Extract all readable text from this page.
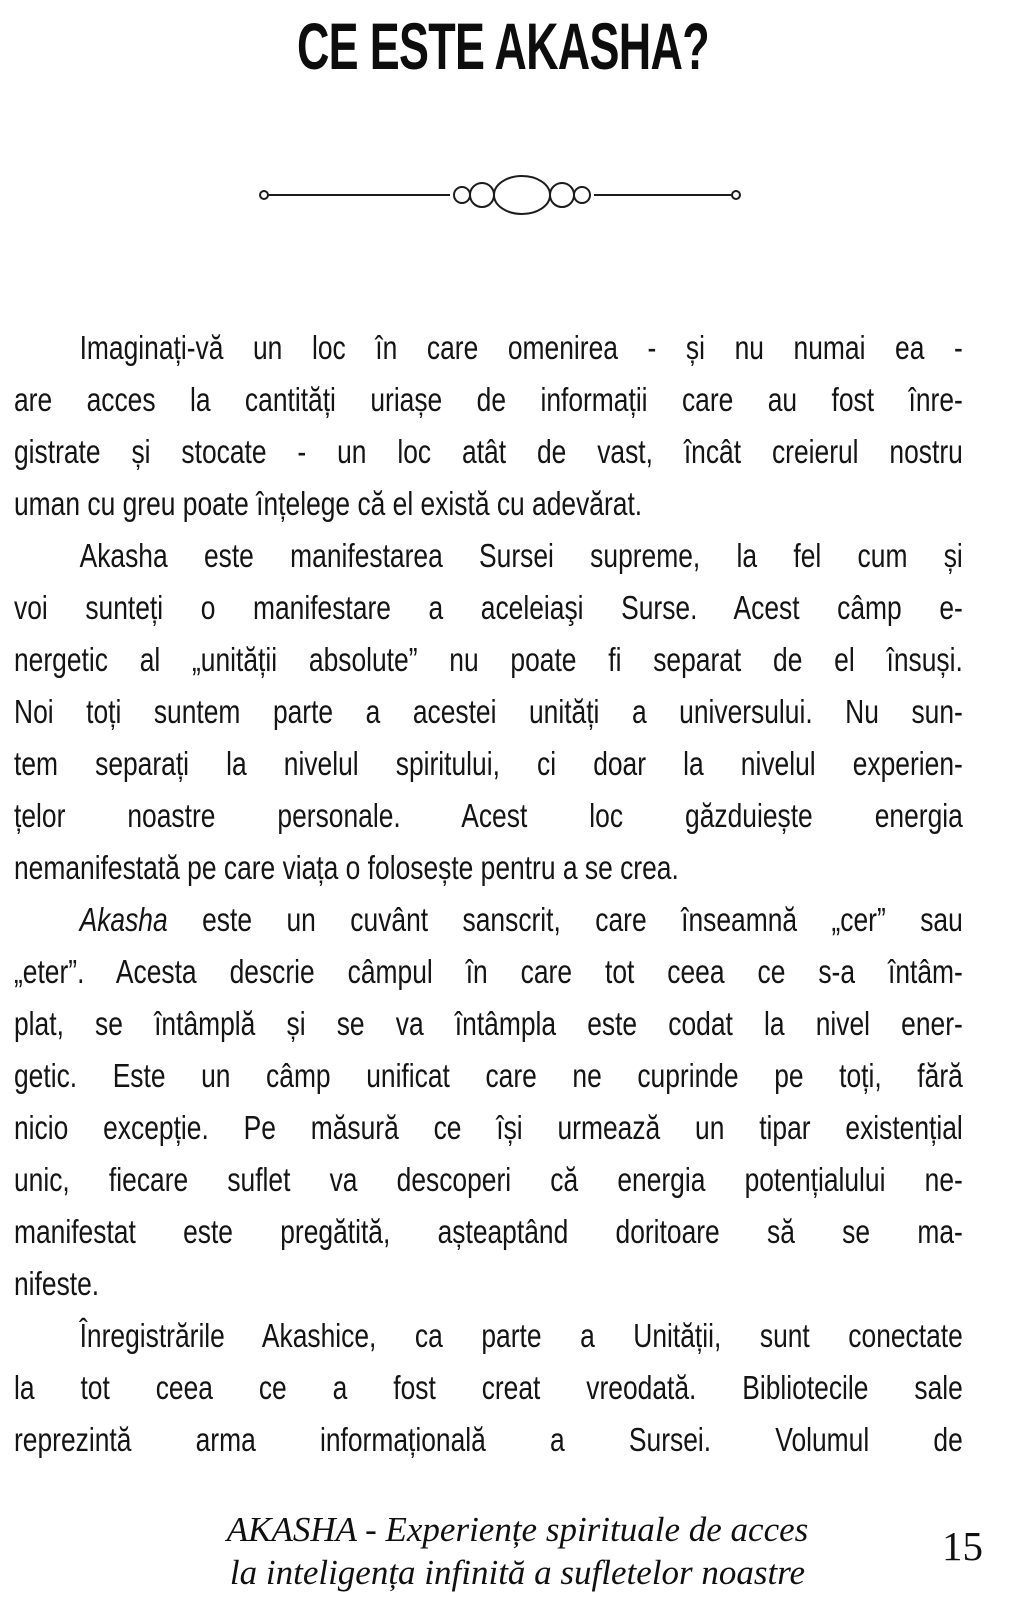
CE ESTE AKASHA?
Imaginați-vă un loc în care omenirea - și nu numai ea -
are acces la cantități uriașe de informații care au fost înre-
gistrate și stocate - un loc atât de vast, încât creierul nostru
uman cu greu poate înțelege că el există cu adevărat.
Akasha este manifestarea Sursei supreme, la fel cum și
voi sunteți o manifestare a aceleiaşi Surse. Acest câmp e-
nergetic al „unității absolute” nu poate fi separat de el însuși.
Noi toți suntem parte a acestei unități a universului. Nu sun-
tem separați la nivelul spiritului, ci doar la nivelul experien-
țelor noastre personale. Acest loc găzduiește energia
nemanifestată pe care viața o folosește pentru a se crea.
Akasha este un cuvânt sanscrit, care înseamnă „cer” sau
„eter”. Acesta descrie câmpul în care tot ceea ce s-a întâm-
plat, se întâmplă și se va întâmpla este codat la nivel ener-
getic. Este un câmp unificat care ne cuprinde pe toți, fără
nicio excepție. Pe măsură ce își urmează un tipar existențial
unic, fiecare suflet va descoperi că energia potențialului ne-
manifestat este pregătită, așteaptând doritoare să se ma-
nifeste.
Înregistrările Akashice, ca parte a Unității, sunt conectate
la tot ceea ce a fost creat vreodată. Bibliotecile sale
reprezintă arma informațională a Sursei. Volumul de
AKASHA - Experiențe spirituale de acces
la inteligența infinită a sufletelor noastre
15
